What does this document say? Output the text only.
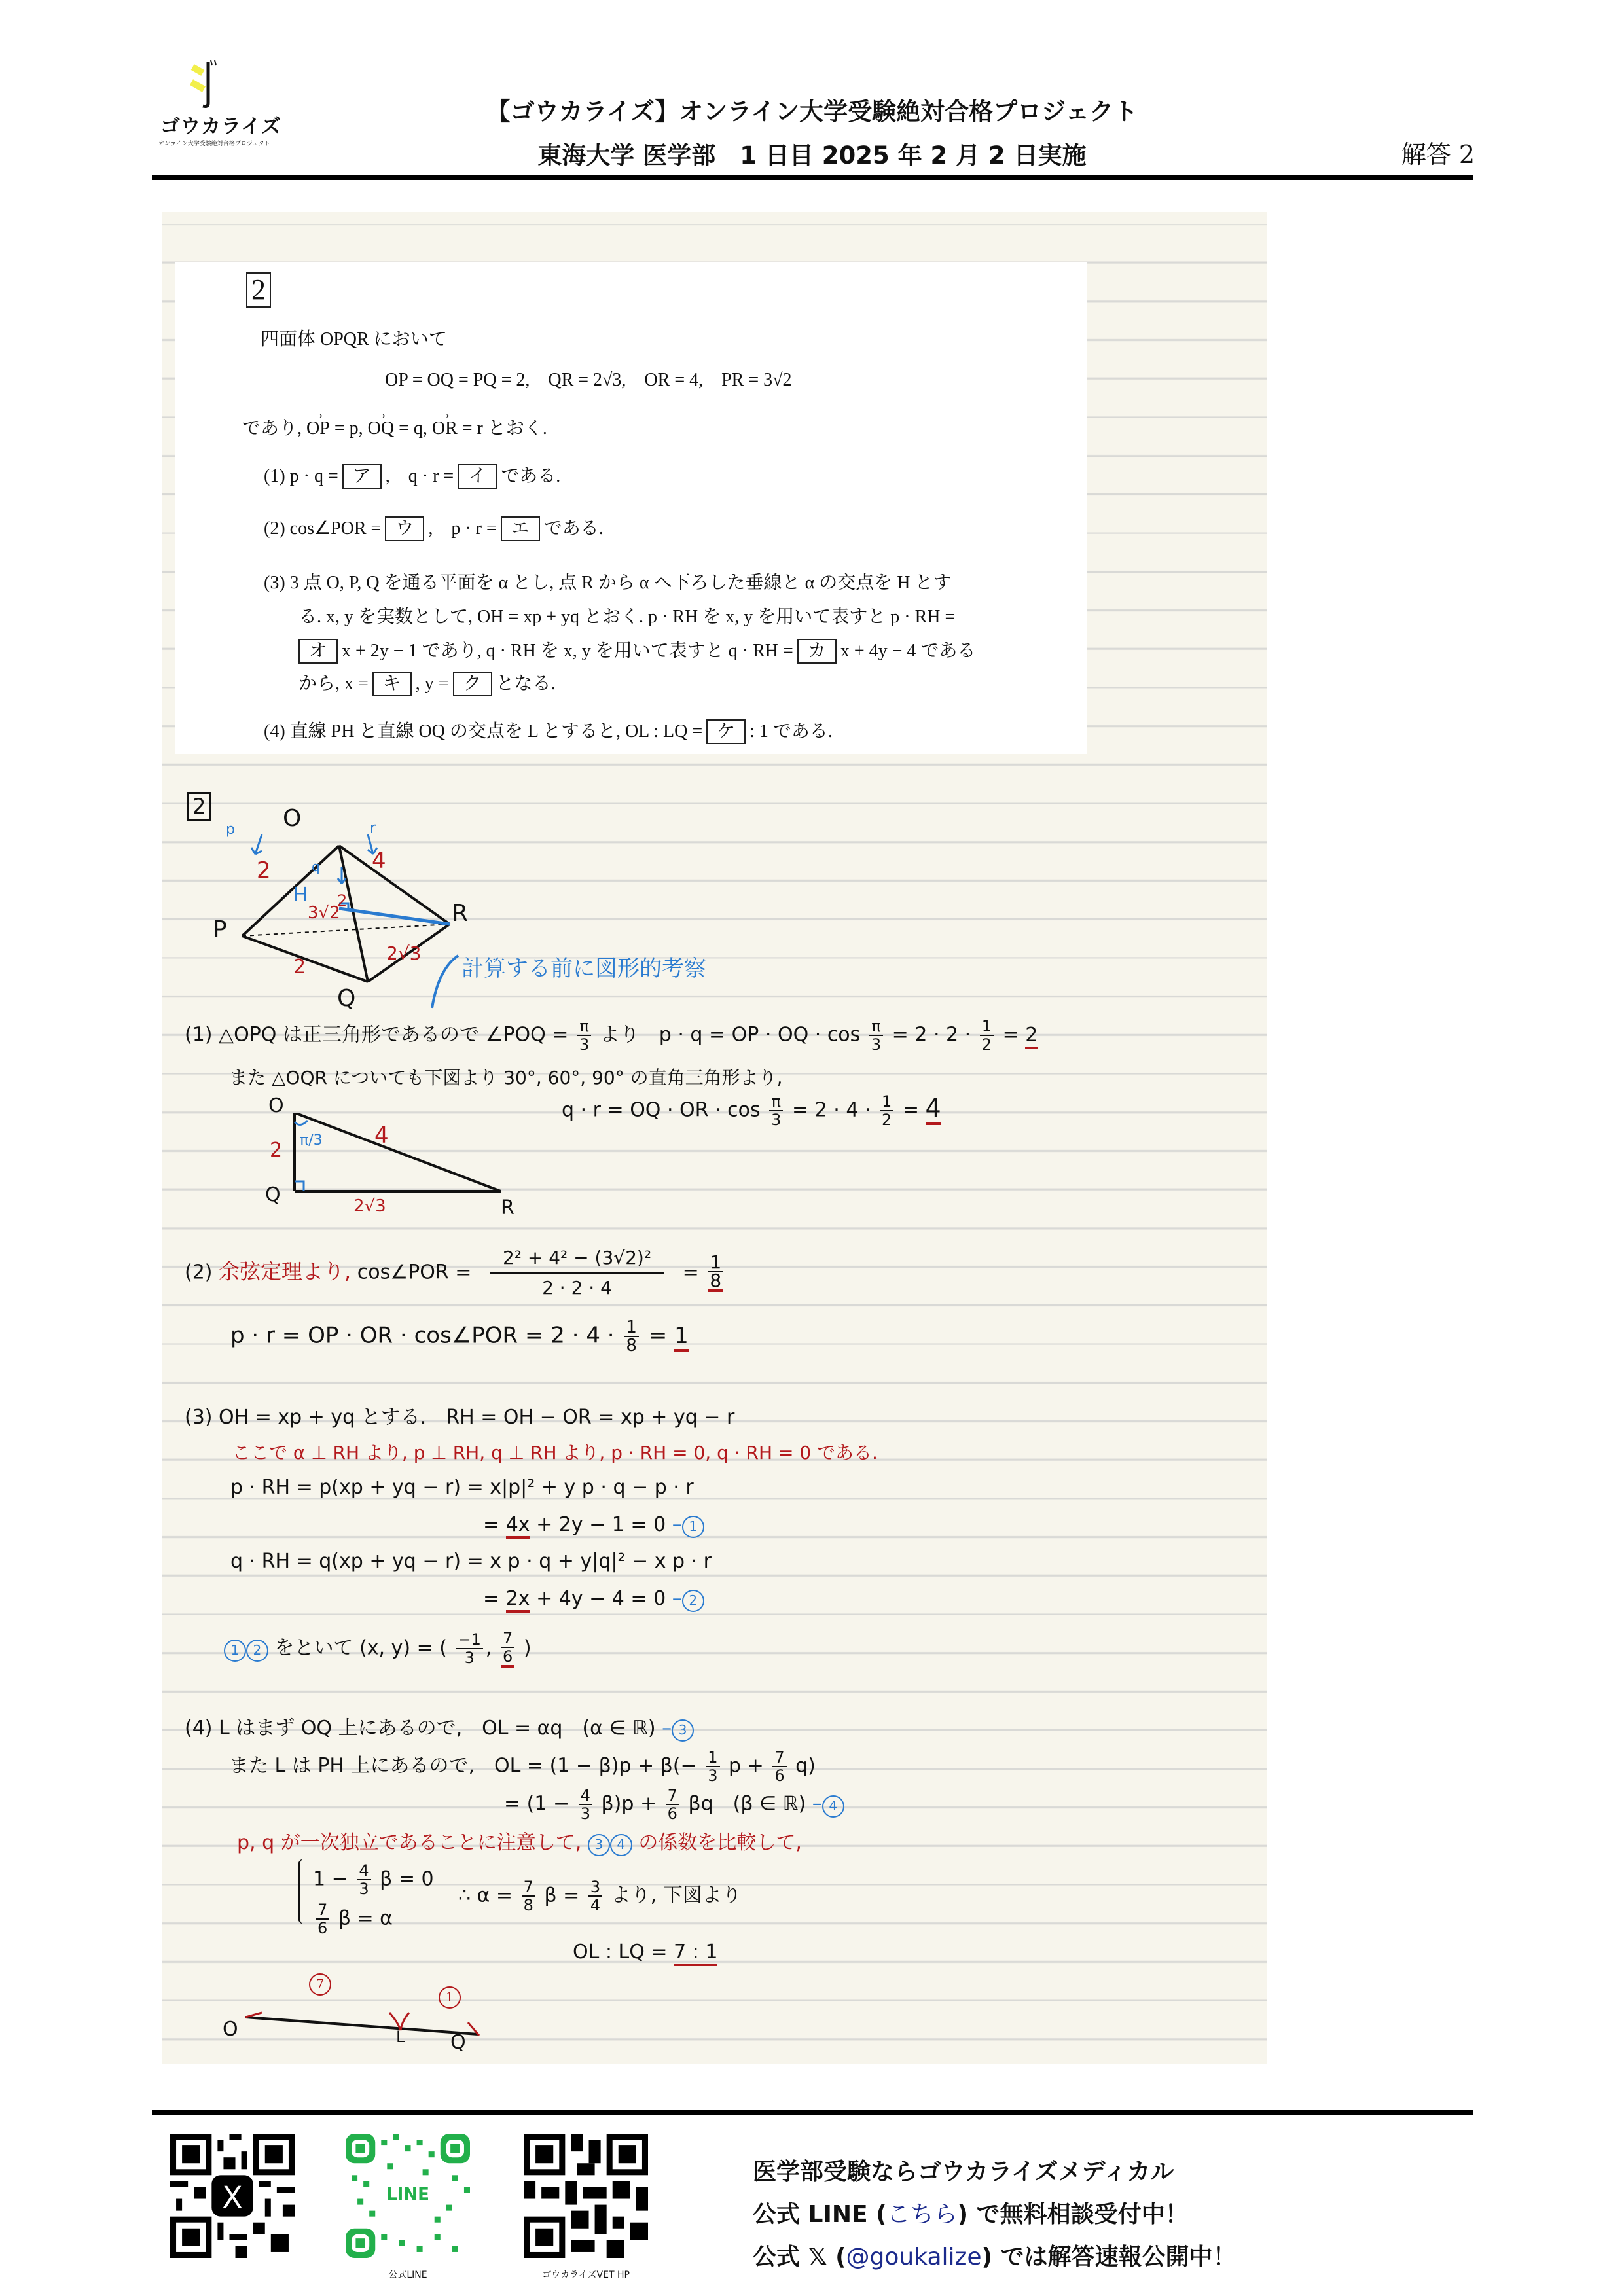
ゴウカライズ
オンライン大学受験絶対合格プロジェクト
【ゴウカライズ】オンライン大学受験絶対合格プロジェクト
東海大学 医学部　1 日目 2025 年 2 月 2 日実施	解答 2
2
四面体 OPQR において
OP = OQ = PQ = 2,　QR = 2√3,　OR = 4,　PR = 3√2
であり, → OP = p, → OQ = q, → OR = r とおく.
(1) p · q = ア ,　q · r = イ である.
(2) cos∠POR = ウ ,　p · r = エ である.
(3) 3 点 O, P, Q を通る平面を α とし, 点 R から α へ下ろした垂線と α の交点を H とす
る. x, y を実数として, OH = xp + yq とおく. p · RH を x, y を用いて表すと p · RH =
オ x + 2y − 1 であり, q · RH を x, y を用いて表すと q · RH = カ x + 4y − 4 である
から, x = キ , y = ク となる.
(4) 直線 PH と直線 OQ の交点を L とすると, OL : LQ = ケ : 1 である.
2	O
P
Q
R
H
2	4
2
2√3
3√2
2
p	r
q
計算する前に図形的考察
(1) △OPQ は正三角形であるので ∠POQ = $\frac{\pi}{3}$ より　p · q = OP · OQ · $\cos \frac{\pi}{3} = 2 \cdot 2 \cdot \frac{1}{2} = 2$
また △OQR についても下図より 30°, 60°, 90° の直角三角形より,
q · r = OQ · OR · $\cos \frac{\pi}{3} = 2 \cdot 4 \cdot \frac{1}{2} = 4$
O
Q
R
2
4
2√3
π/3
(2) 余弦定理より, cos∠POR = $\frac{\text{2² + 4² − (3√2)²}}{2 \cdot 2 \cdot 4} = \frac{1}{8}$
p · r = OP · OR · cos∠POR = $2 \cdot 4 \cdot \frac{1}{8} = 1$
(3) OH = xp + yq とする.　RH = OH − OR = xp + yq − r
ここで α ⊥ RH より, p ⊥ RH, q ⊥ RH より, p · RH = 0, q · RH = 0 である.
p · RH = p(xp + yq − r) = x|p|² + y p · q − p · r
= 4x + 2y − 1 = 0 – 1
q · RH = q(xp + yq − r) = x p · q + y|q|² − x p · r
= 2x + 4y − 4 = 0 – 2
1 2 をといて (x, y) = ( $\frac{-1}{3}$ , $\frac{7}{6}$ )
(4) L はまず OQ 上にあるので,　OL = αq　(α ∈ ℝ) – 3
また L は PH 上にあるので,　OL = $(1 - \beta)p + \beta(- \frac{1}{3}$ $p + \frac{7}{6} q$)
= $(1 - \frac{4}{3} \beta)p + \frac{7}{6}$ βq　(β ∈ ℝ) – 4
p, q が一次独立であることに注意して, 3 4 の係数を比較して,
$1 - \frac{4}{3}$ β = 0
$\frac{7}{6}$ β = α
∴ $\alpha = \frac{7}{8}$ $\beta = \frac{3}{4}$ より, 下図より
OL : LQ = 7 : 1
O	L Q
7
1
X	LINE
公式LINE	ゴウカライズVET HP
医学部受験ならゴウカライズメディカル
公式 LINE (こちら) で無料相談受付中！
公式 𝕏 (@goukalize) では解答速報公開中！
